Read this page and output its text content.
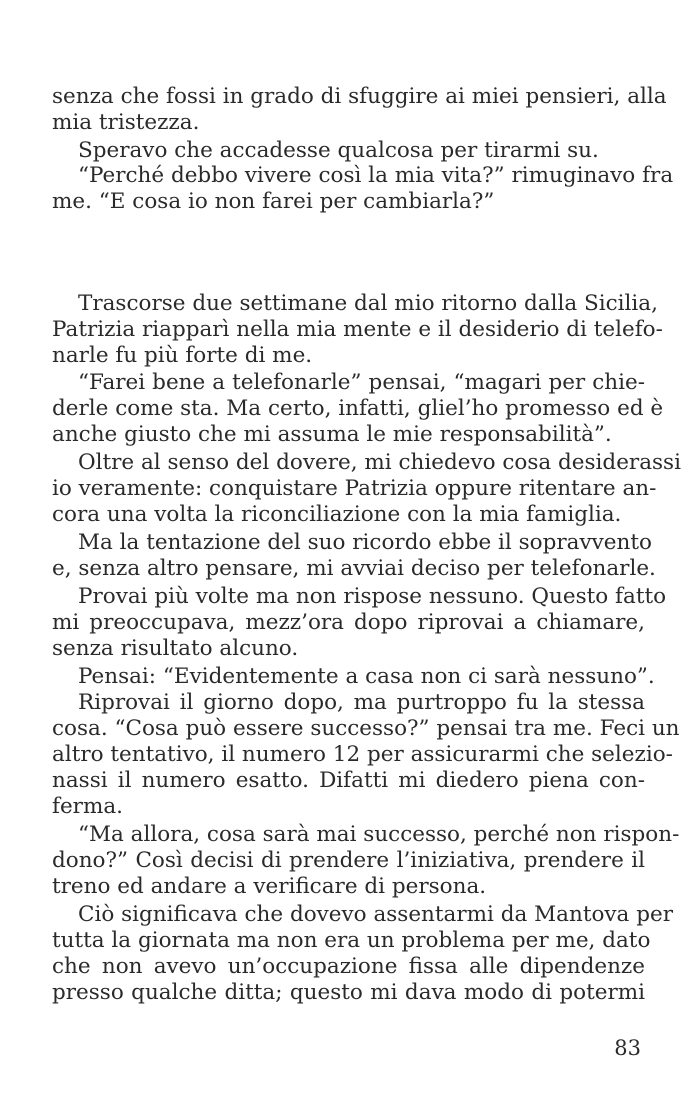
senza che fossi in grado di sfuggire ai miei pensieri, alla
mia tristezza.
Speravo che accadesse qualcosa per tirarmi su.
“Perché debbo vivere così la mia vita?” rimuginavo fra
me. “E cosa io non farei per cambiarla?”
Trascorse due settimane dal mio ritorno dalla Sicilia,
Patrizia riapparì nella mia mente e il desiderio di telefo-
narle fu più forte di me.
“Farei bene a telefonarle” pensai, “magari per chie-
derle come sta. Ma certo, infatti, gliel’ho promesso ed è
anche giusto che mi assuma le mie responsabilità”.
Oltre al senso del dovere, mi chiedevo cosa desiderassi
io veramente: conquistare Patrizia oppure ritentare an-
cora una volta la riconciliazione con la mia famiglia.
Ma la tentazione del suo ricordo ebbe il sopravvento
e, senza altro pensare, mi avviai deciso per telefonarle.
Provai più volte ma non rispose nessuno. Questo fatto
mi preoccupava, mezz’ora dopo riprovai a chiamare,
senza risultato alcuno.
Pensai: “Evidentemente a casa non ci sarà nessuno”.
Riprovai il giorno dopo, ma purtroppo fu la stessa
cosa. “Cosa può essere successo?” pensai tra me. Feci un
altro tentativo, il numero 12 per assicurarmi che selezio-
nassi il numero esatto. Difatti mi diedero piena con-
ferma.
“Ma allora, cosa sarà mai successo, perché non rispon-
dono?” Così decisi di prendere l’iniziativa, prendere il
treno ed andare a verificare di persona.
Ciò significava che dovevo assentarmi da Mantova per
tutta la giornata ma non era un problema per me, dato
che non avevo un’occupazione fissa alle dipendenze
presso qualche ditta; questo mi dava modo di potermi
83
